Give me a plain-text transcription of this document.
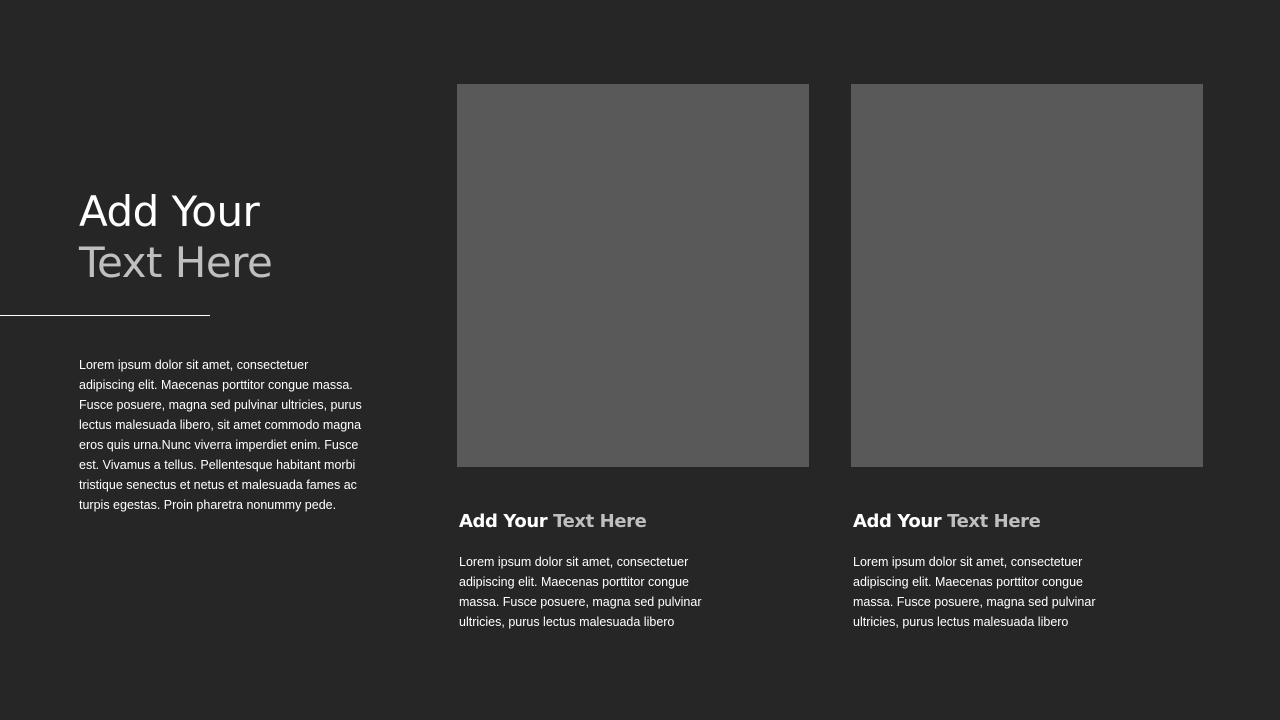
Add Your
Text Here

Lorem ipsum dolor sit amet, consectetuer adipiscing elit. Maecenas porttitor congue massa. Fusce posuere, magna sed pulvinar ultricies, purus lectus malesuada libero, sit amet commodo magna eros quis urna.Nunc viverra imperdiet enim. Fusce est. Vivamus a tellus. Pellentesque habitant morbi tristique senectus et netus et malesuada fames ac turpis egestas. Proin pharetra nonummy pede.

Add Your Text Here	Add Your Text Here

Lorem ipsum dolor sit amet, consectetuer adipiscing elit. Maecenas porttitor congue massa. Fusce posuere, magna sed pulvinar ultricies, purus lectus malesuada libero

Lorem ipsum dolor sit amet, consectetuer adipiscing elit. Maecenas porttitor congue massa. Fusce posuere, magna sed pulvinar ultricies, purus lectus malesuada libero
